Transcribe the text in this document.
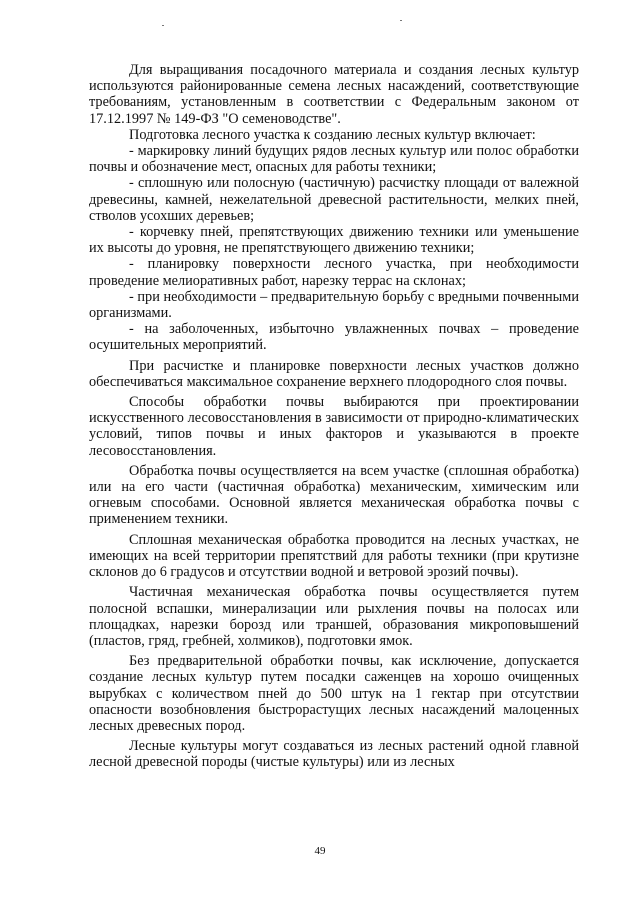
Для выращивания посадочного материала и создания лесных культур используются районированные семена лесных насаждений, соответствующие требованиям, установленным в соответствии с Федеральным законом от 17.12.1997 № 149-ФЗ "О семеноводстве".

Подготовка лесного участка к созданию лесных культур включает:

- маркировку линий будущих рядов лесных культур или полос обработки почвы и обозначение мест, опасных для работы техники;

- сплошную или полосную (частичную) расчистку площади от валежной древесины, камней, нежелательной древесной растительности, мелких пней, стволов усохших деревьев;

- корчевку пней, препятствующих движению техники или уменьшение их высоты до уровня, не препятствующего движению техники;

- планировку поверхности лесного участка, при необходимости проведение мелиоративных работ, нарезку террас на склонах;

- при необходимости – предварительную борьбу с вредными почвенными организмами.

- на заболоченных, избыточно увлажненных почвах – проведение осушительных мероприятий.

При расчистке и планировке поверхности лесных участков должно обеспечиваться максимальное сохранение верхнего плодородного слоя почвы.

Способы обработки почвы выбираются при проектировании искусственного лесовосстановления в зависимости от природно-климатических условий, типов почвы и иных факторов и указываются в проекте лесовосстановления.

Обработка почвы осуществляется на всем участке (сплошная обработка) или на его части (частичная обработка) механическим, химическим или огневым способами. Основной является механическая обработка почвы с применением техники.

Сплошная механическая обработка проводится на лесных участках, не имеющих на всей территории препятствий для работы техники (при крутизне склонов до 6 градусов и отсутствии водной и ветровой эрозий почвы).

Частичная механическая обработка почвы осуществляется путем полосной вспашки, минерализации или рыхления почвы на полосах или площадках, нарезки борозд или траншей, образования микроповышений (пластов, гряд, гребней, холмиков), подготовки ямок.

Без предварительной обработки почвы, как исключение, допускается создание лесных культур путем посадки саженцев на хорошо очищенных вырубках с количеством пней до 500 штук на 1 гектар при отсутствии опасности возобновления быстрорастущих лесных насаждений малоценных лесных древесных пород.

Лесные культуры могут создаваться из лесных растений одной главной лесной древесной породы (чистые культуры) или из лесных

49
